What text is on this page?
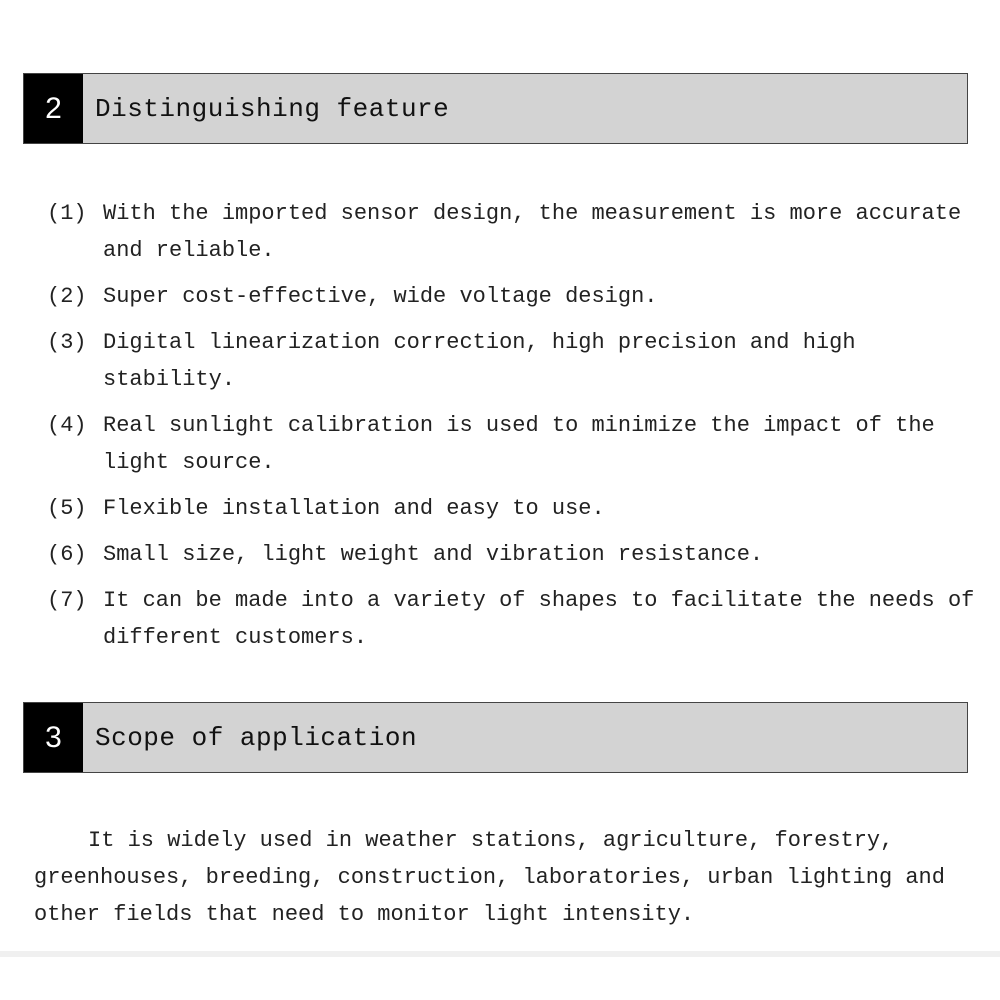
2	Distinguishing feature
(1) With the imported sensor design, the measurement is more accurate and reliable.
(2) Super cost-effective, wide voltage design.
(3) Digital linearization correction, high precision and high stability.
(4) Real sunlight calibration is used to minimize the impact of the light source.
(5) Flexible installation and easy to use.
(6) Small size, light weight and vibration resistance.
(7) It can be made into a variety of shapes to facilitate the needs of different customers.
3	Scope of application

It is widely used in weather stations, agriculture, forestry, greenhouses, breeding, construction, laboratories, urban lighting and other fields that need to monitor light intensity.
